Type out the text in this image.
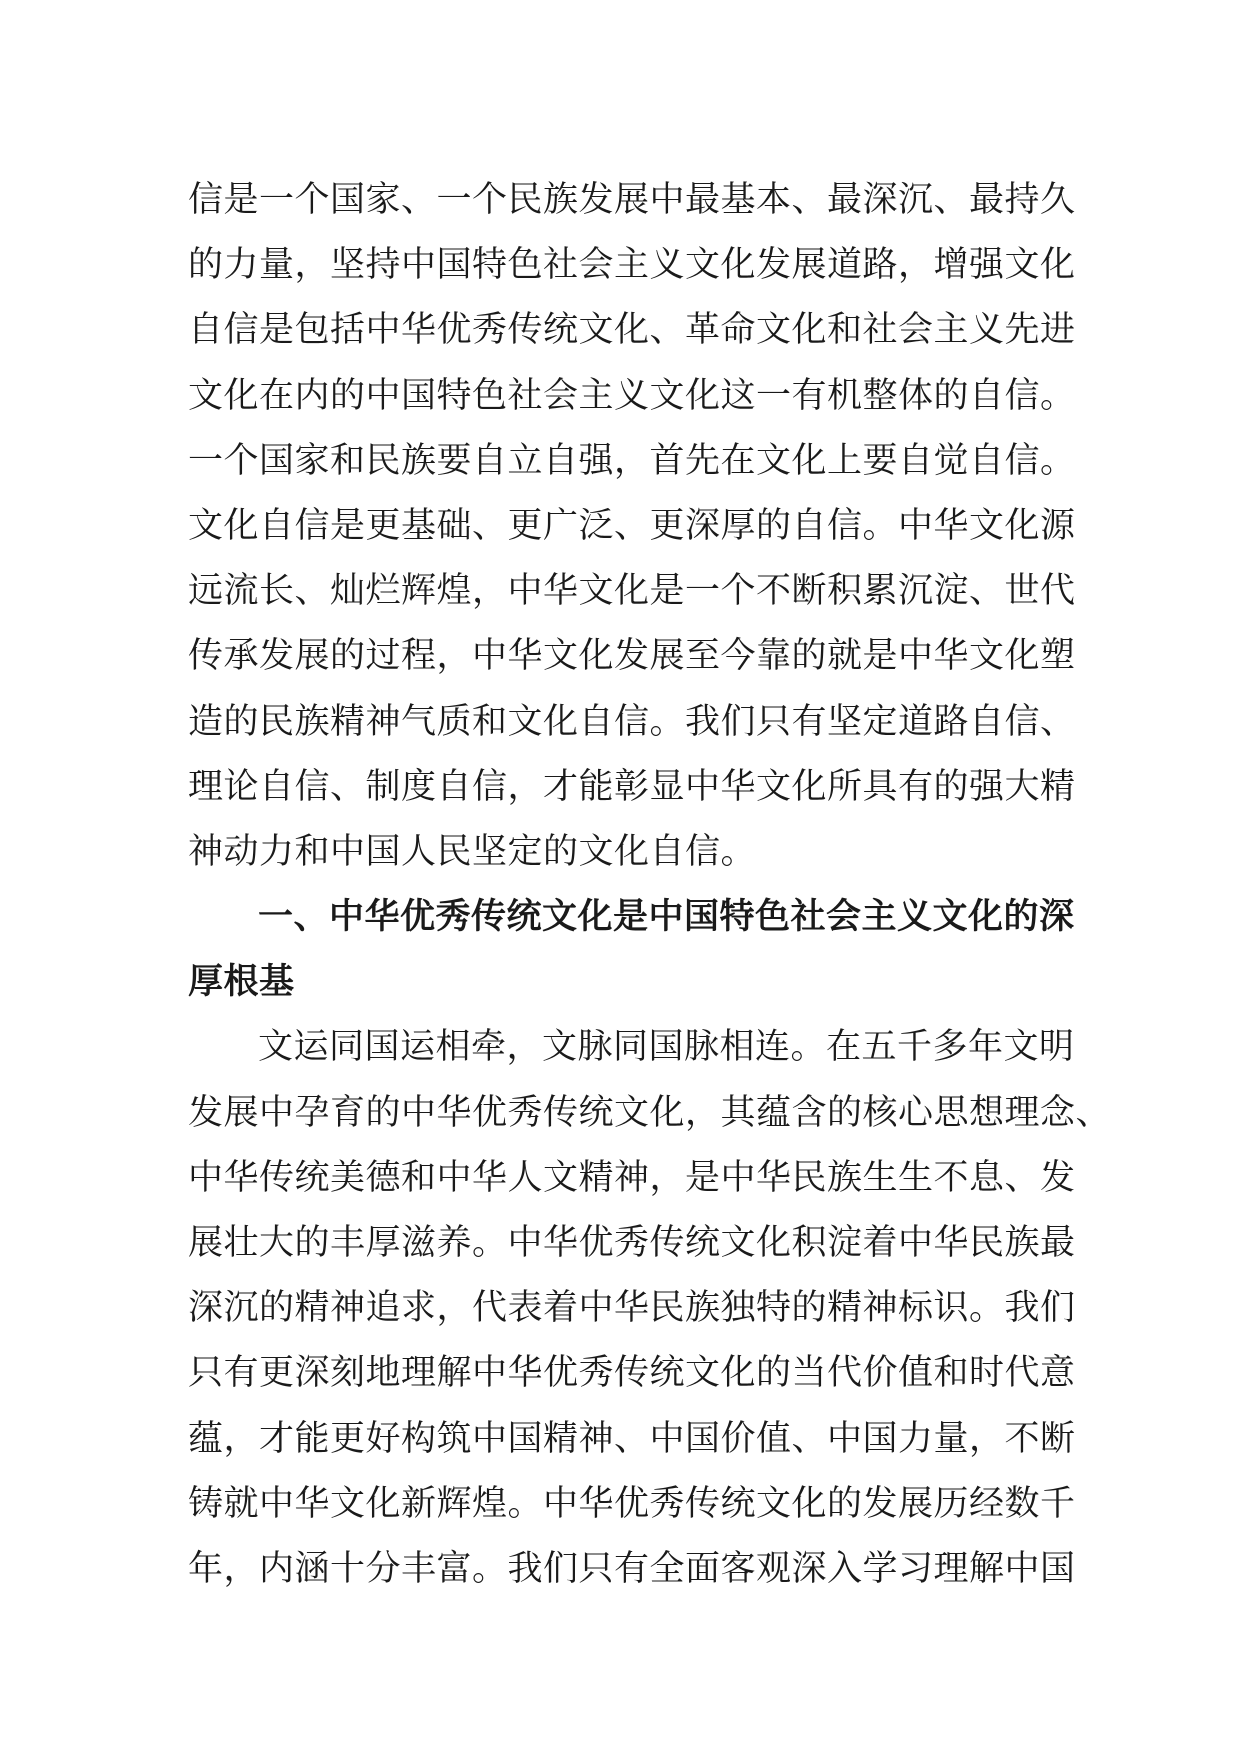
信是一个国家、一个民族发展中最基本、最深沉、最持久
的力量，坚持中国特色社会主义文化发展道路，增强文化
自信是包括中华优秀传统文化、革命文化和社会主义先进
文化在内的中国特色社会主义文化这一有机整体的自信。
一个国家和民族要自立自强，首先在文化上要自觉自信。
文化自信是更基础、更广泛、更深厚的自信。中华文化源
远流长、灿烂辉煌，中华文化是一个不断积累沉淀、世代
传承发展的过程，中华文化发展至今靠的就是中华文化塑
造的民族精神气质和文化自信。我们只有坚定道路自信、
理论自信、制度自信，才能彰显中华文化所具有的强大精
神动力和中国人民坚定的文化自信。
一、中华优秀传统文化是中国特色社会主义文化的深
厚根基
文运同国运相牵，文脉同国脉相连。在五千多年文明
发展中孕育的中华优秀传统文化，其蕴含的核心思想理念、
中华传统美德和中华人文精神，是中华民族生生不息、发
展壮大的丰厚滋养。中华优秀传统文化积淀着中华民族最
深沉的精神追求，代表着中华民族独特的精神标识。我们
只有更深刻地理解中华优秀传统文化的当代价值和时代意
蕴，才能更好构筑中国精神、中国价值、中国力量，不断
铸就中华文化新辉煌。中华优秀传统文化的发展历经数千
年，内涵十分丰富。我们只有全面客观深入学习理解中国
